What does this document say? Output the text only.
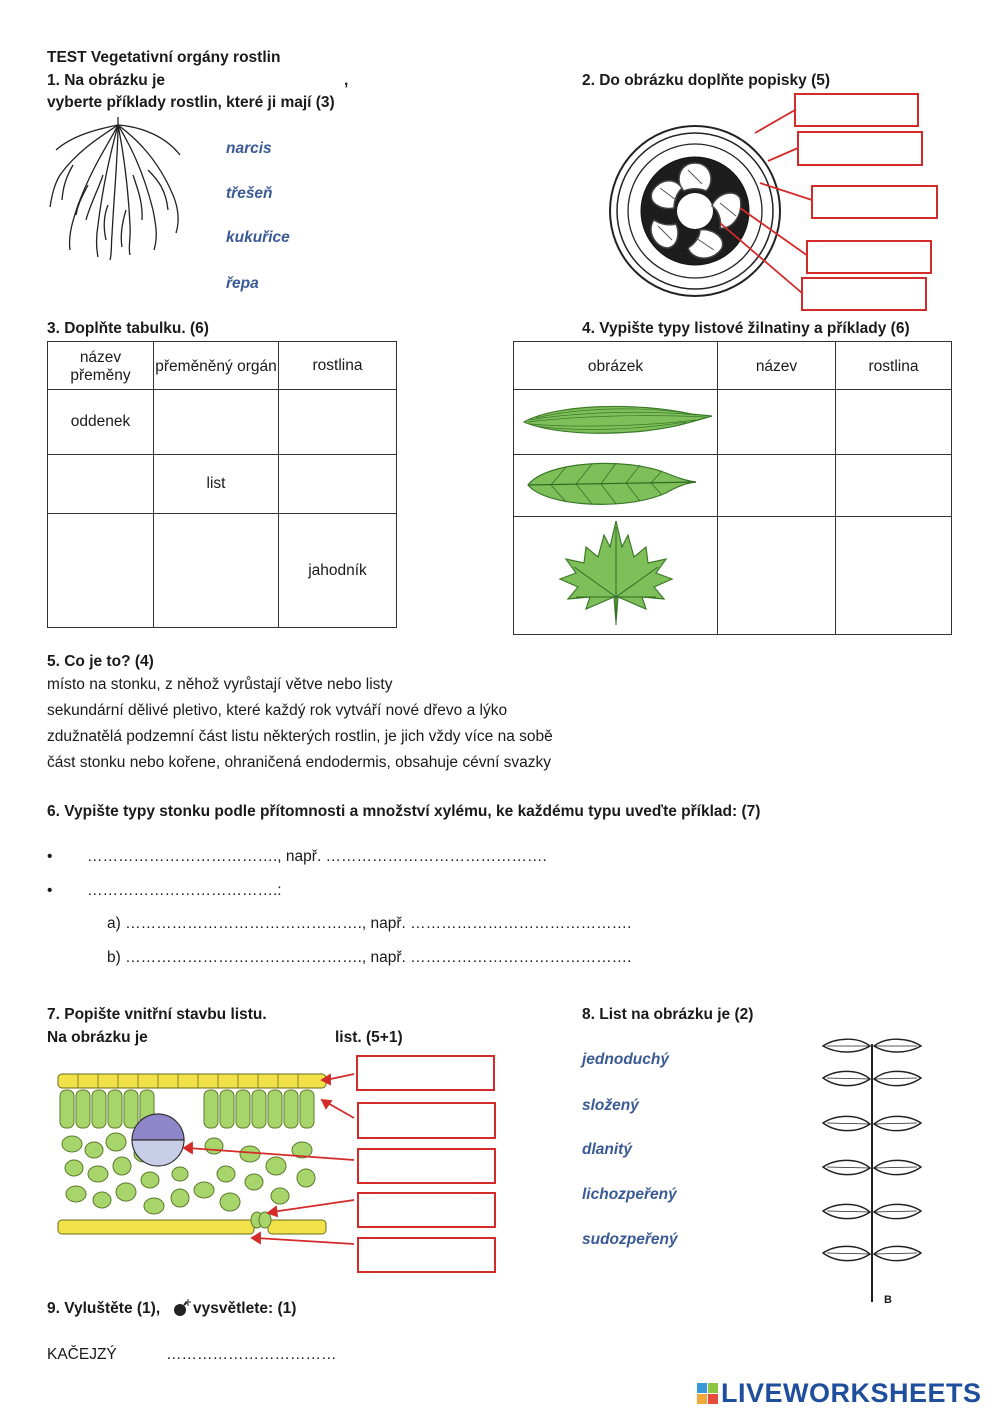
TEST Vegetativní orgány rostlin
1. Na obrázku je	,
vyberte příklady rostlin, které ji mají (3)
narcis
třešeň
kukuřice
řepa
2. Do obrázku doplňte popisky (5)
3. Doplňte tabulku. (6)
název přeměny	přeměněný orgán	rostlina
oddenek		
	list	
		jahodník
4. Vypište typy listové žilnatiny a příklady (6)
obrázek	název	rostlina

5. Co je to? (4)
místo na stonku, z něhož vyrůstají větve nebo listy
sekundární dělivé pletivo, které každý rok vytváří nové dřevo a lýko
zdužnatělá podzemní část listu některých rostlin, je jich vždy více na sobě
část stonku nebo kořene, ohraničená endodermis, obsahuje cévní svazky
6. Vypište typy stonku podle přítomnosti a množství xylému, ke každému typu uveďte příklad: (7)
• ………………………………., např. …………………………………….
• ……………………………….:
a) ………………………………………., např. …………………………………….
b) ………………………………………., např. …………………………………….
7. Popište vnitřní stavbu listu.
Na obrázku je	list. (5+1)
8. List na obrázku je (2)
jednoduchý
složený
dlanitý
lichozpeřený
sudozpeřený
B
9. Vyluštěte (1), vysvětlete: (1)
KAČEJZÝ	……………………………
LIVEWORKSHEETS
